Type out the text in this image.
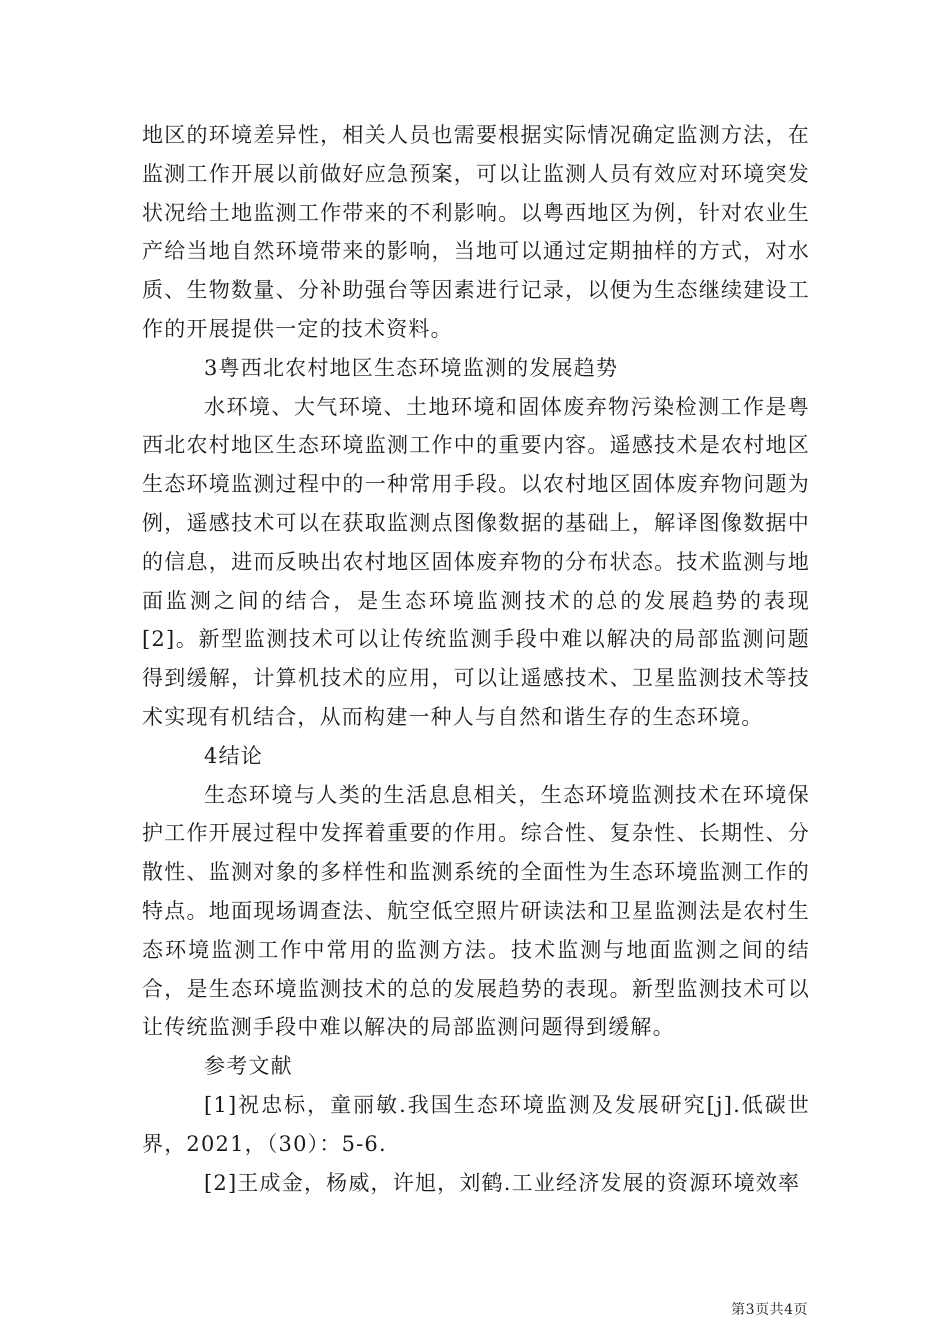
地区的环境差异性，相关人员也需要根据实际情况确定监测方法，在监测工作开展以前做好应急预案，可以让监测人员有效应对环境突发状况给土地监测工作带来的不利影响。以粤西地区为例，针对农业生产给当地自然环境带来的影响，当地可以通过定期抽样的方式，对水质、生物数量、分补助强台等因素进行记录，以便为生态继续建设工作的开展提供一定的技术资料。

3粤西北农村地区生态环境监测的发展趋势

水环境、大气环境、土地环境和固体废弃物污染检测工作是粤西北农村地区生态环境监测工作中的重要内容。遥感技术是农村地区生态环境监测过程中的一种常用手段。以农村地区固体废弃物问题为例，遥感技术可以在获取监测点图像数据的基础上，解译图像数据中的信息，进而反映出农村地区固体废弃物的分布状态。技术监测与地面监测之间的结合，是生态环境监测技术的总的发展趋势的表现[2]。新型监测技术可以让传统监测手段中难以解决的局部监测问题得到缓解，计算机技术的应用，可以让遥感技术、卫星监测技术等技术实现有机结合，从而构建一种人与自然和谐生存的生态环境。

4结论

生态环境与人类的生活息息相关，生态环境监测技术在环境保护工作开展过程中发挥着重要的作用。综合性、复杂性、长期性、分散性、监测对象的多样性和监测系统的全面性为生态环境监测工作的特点。地面现场调查法、航空低空照片研读法和卫星监测法是农村生态环境监测工作中常用的监测方法。技术监测与地面监测之间的结合，是生态环境监测技术的总的发展趋势的表现。新型监测技术可以让传统监测手段中难以解决的局部监测问题得到缓解。

参考文献

[1]祝忠标，童丽敏.我国生态环境监测及发展研究[j].低碳世界，2021，（30）：5-6.

[2]王成金，杨威，许旭，刘鹤.工业经济发展的资源环境效率

第3页共4页
